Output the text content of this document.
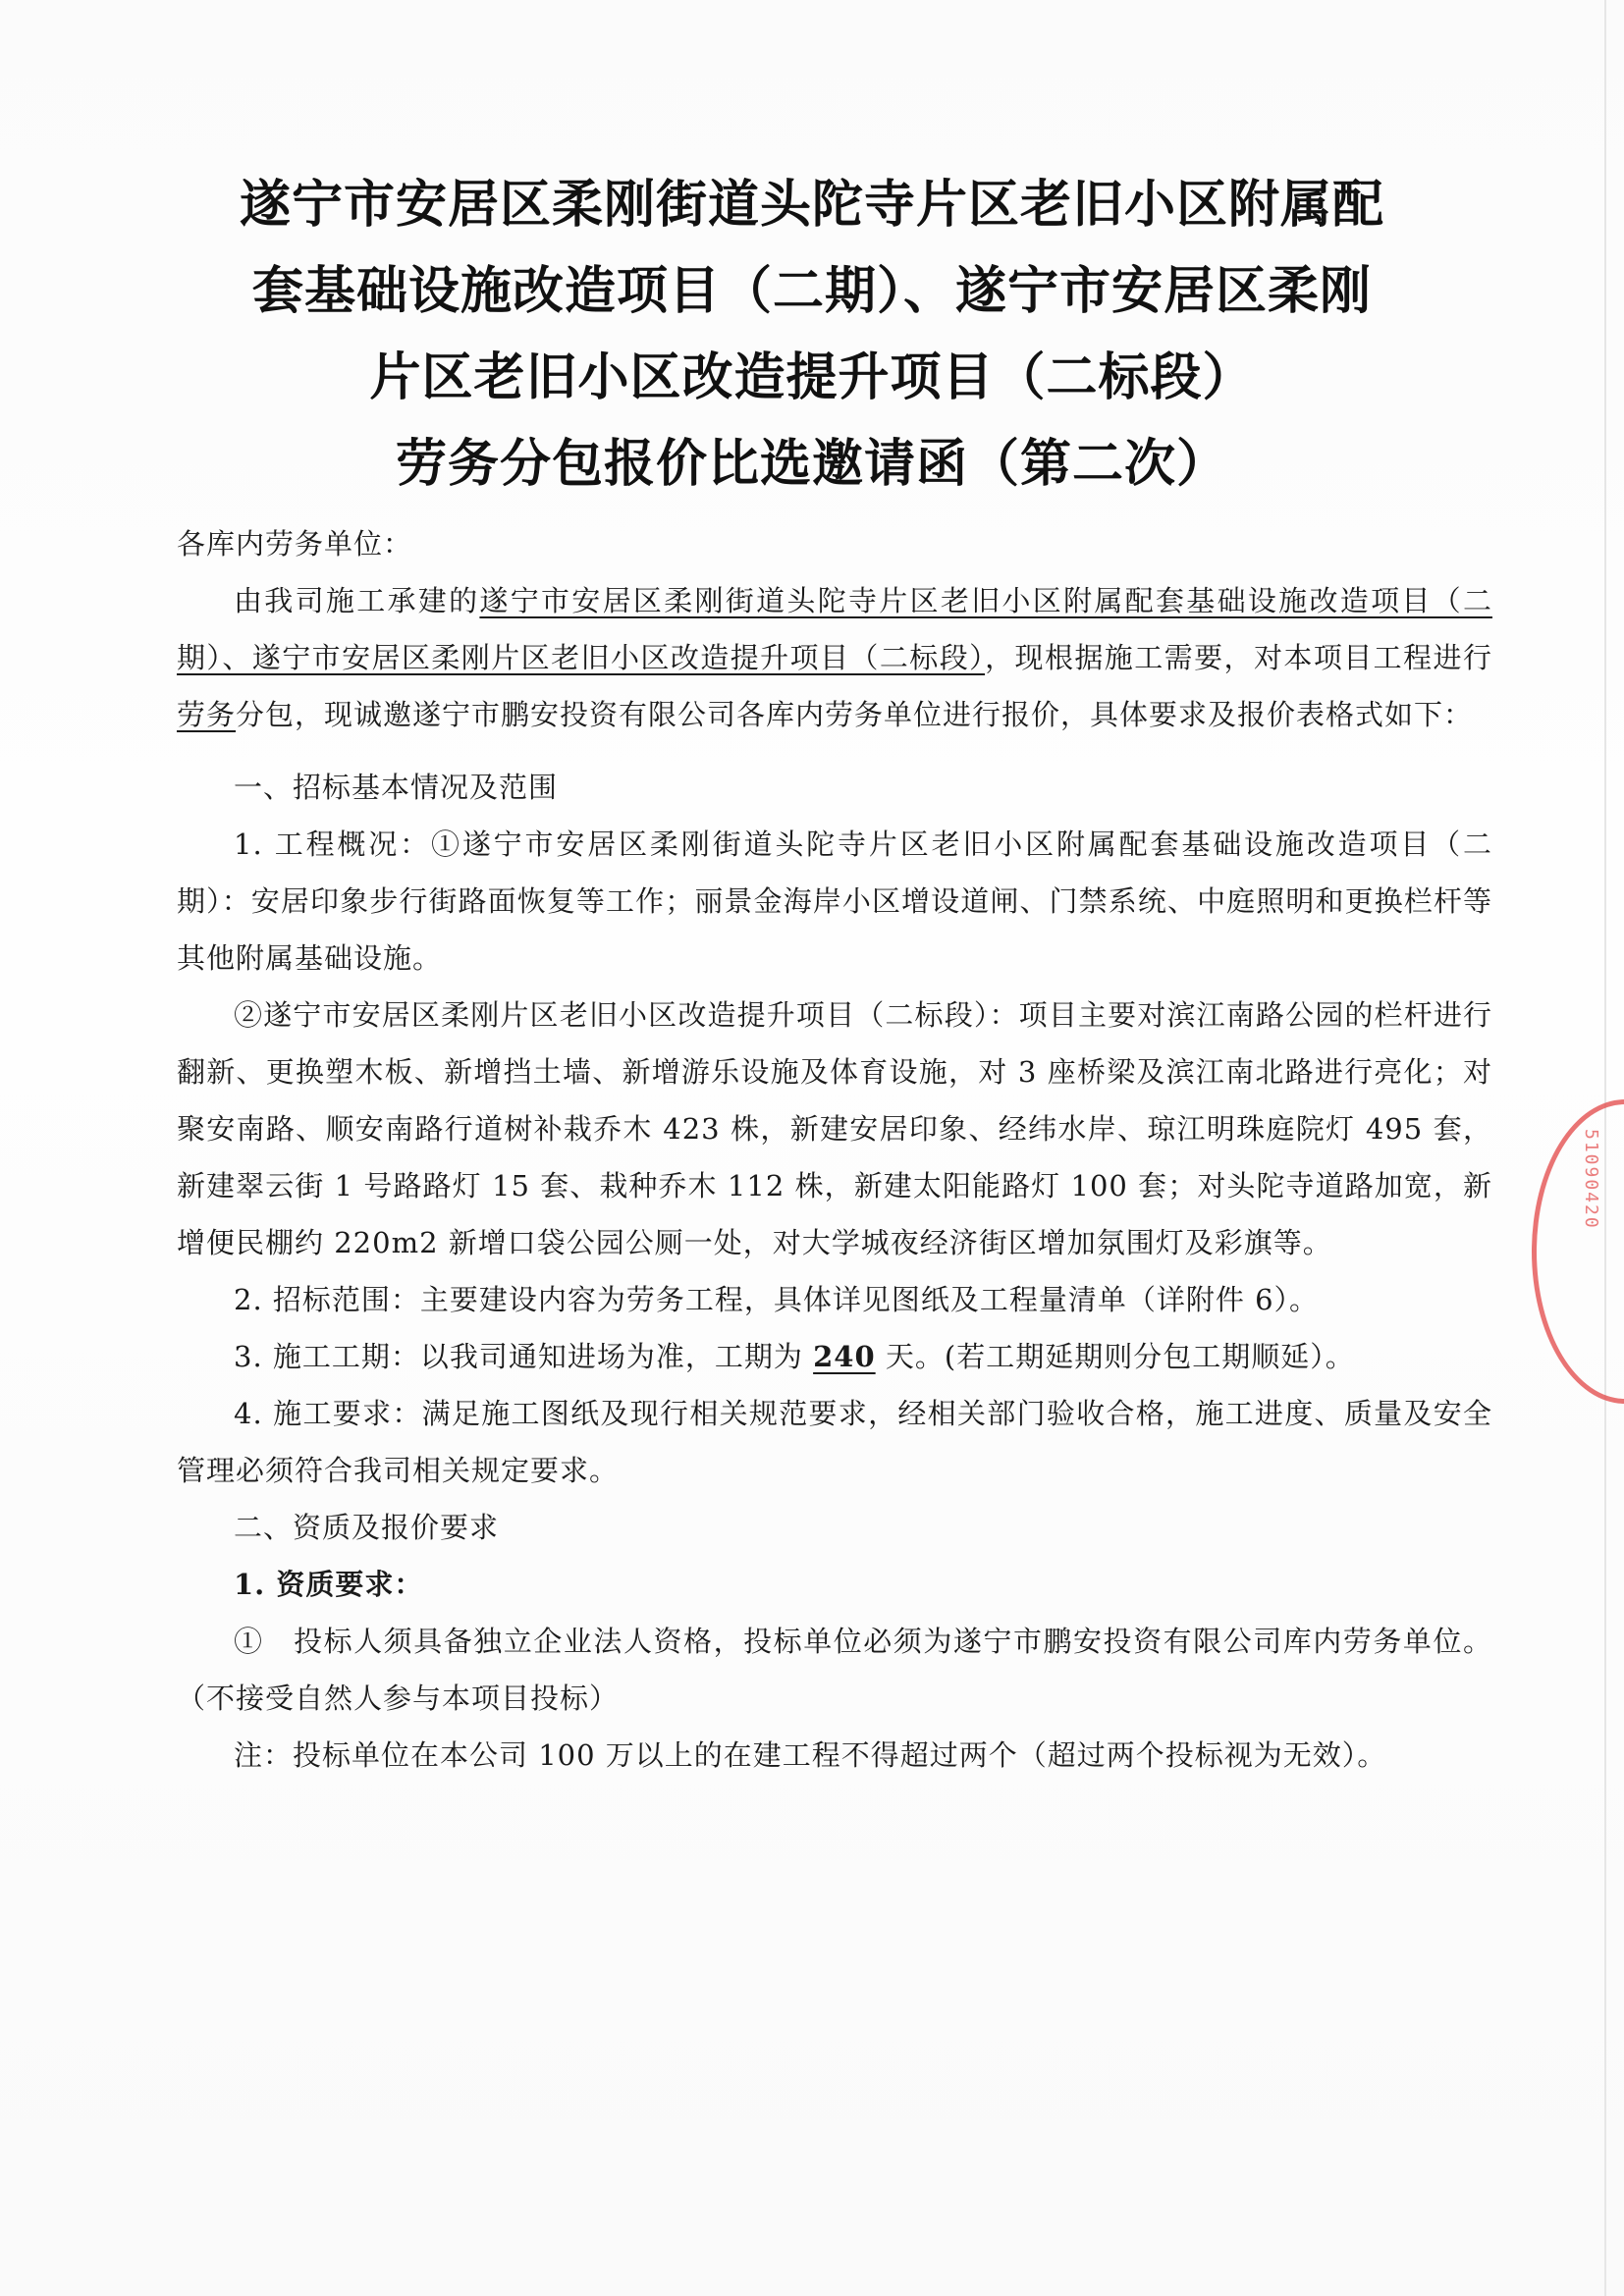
遂宁市安居区柔刚街道头陀寺片区老旧小区附属配
套基础设施改造项目（二期）、遂宁市安居区柔刚
片区老旧小区改造提升项目（二标段）
劳务分包报价比选邀请函（第二次）

各库内劳务单位：

由我司施工承建的遂宁市安居区柔刚街道头陀寺片区老旧小区附属配套基础设施改造项目（二期）、遂宁市安居区柔刚片区老旧小区改造提升项目（二标段），现根据施工需要，对本项目工程进行劳务分包，现诚邀遂宁市鹏安投资有限公司各库内劳务单位进行报价，具体要求及报价表格式如下：

一、招标基本情况及范围

1. 工程概况：①遂宁市安居区柔刚街道头陀寺片区老旧小区附属配套基础设施改造项目（二期）：安居印象步行街路面恢复等工作；丽景金海岸小区增设道闸、门禁系统、中庭照明和更换栏杆等其他附属基础设施。

②遂宁市安居区柔刚片区老旧小区改造提升项目（二标段）：项目主要对滨江南路公园的栏杆进行翻新、更换塑木板、新增挡土墙、新增游乐设施及体育设施，对 3 座桥梁及滨江南北路进行亮化；对聚安南路、顺安南路行道树补栽乔木 423 株，新建安居印象、经纬水岸、琼江明珠庭院灯 495 套，新建翠云街 1 号路路灯 15 套、栽种乔木 112 株，新建太阳能路灯 100 套；对头陀寺道路加宽，新增便民棚约 220m2 新增口袋公园公厕一处，对大学城夜经济街区增加氛围灯及彩旗等。

2. 招标范围：主要建设内容为劳务工程，具体详见图纸及工程量清单（详附件 6）。

3. 施工工期：以我司通知进场为准，工期为 240 天。(若工期延期则分包工期顺延）。

4. 施工要求：满足施工图纸及现行相关规范要求，经相关部门验收合格，施工进度、质量及安全管理必须符合我司相关规定要求。

二、资质及报价要求

1. 资质要求：

①　投标人须具备独立企业法人资格，投标单位必须为遂宁市鹏安投资有限公司库内劳务单位。（不接受自然人参与本项目投标）

注：投标单位在本公司 100 万以上的在建工程不得超过两个（超过两个投标视为无效）。

51090420
